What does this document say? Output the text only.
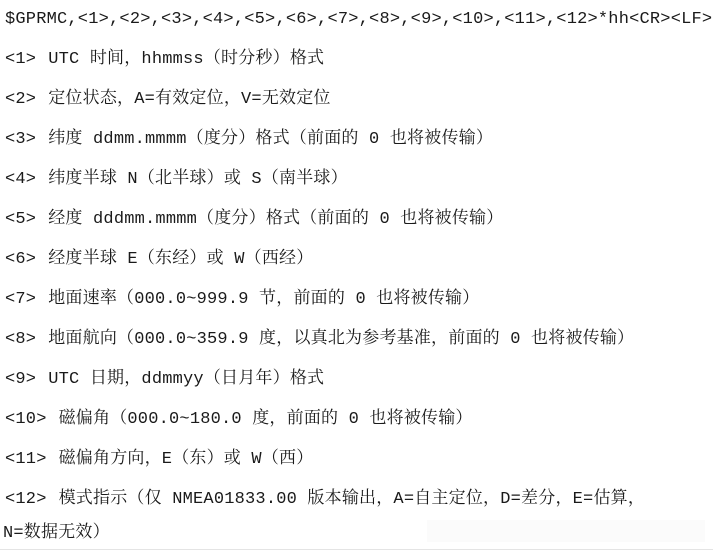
$GPRMC,<1>,<2>,<3>,<4>,<5>,<6>,<7>,<8>,<9>,<10>,<11>,<12>*hh<CR><LF>
<1> UTC 时间，hhmmss（时分秒）格式
<2> 定位状态，A=有效定位，V=无效定位
<3> 纬度 ddmm.mmmm（度分）格式（前面的 0 也将被传输）
<4> 纬度半球 N（北半球）或 S（南半球）
<5> 经度 dddmm.mmmm（度分）格式（前面的 0 也将被传输）
<6> 经度半球 E（东经）或 W（西经）
<7> 地面速率（000.0~999.9 节，前面的 0 也将被传输）
<8> 地面航向（000.0~359.9 度，以真北为参考基准，前面的 0 也将被传输）
<9> UTC 日期，ddmmyy（日月年）格式
<10> 磁偏角（000.0~180.0 度，前面的 0 也将被传输）
<11> 磁偏角方向，E（东）或 W（西）
<12> 模式指示（仅 NMEA01833.00 版本输出，A=自主定位，D=差分，E=估算，
N=数据无效）
